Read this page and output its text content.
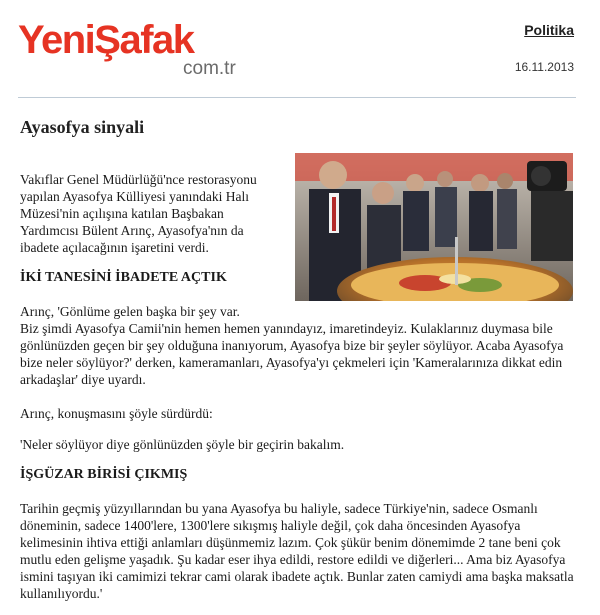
YeniŞafak
com.tr
Politika
16.11.2013
Ayasofya sinyali

Vakıflar Genel Müdürlüğü'nce restorasyonu yapılan Ayasofya Külliyesi yanındaki Halı Müzesi'nin açılışına katılan Başbakan Yardımcısı Bülent Arınç, Ayasofya'nın da ibadete açılacağının işaretini verdi.

İKİ TANESİNİ İBADETE AÇTIK

Arınç, 'Gönlüme gelen başka bir şey var.

Biz şimdi Ayasofya Camii'nin hemen hemen yanındayız, imaretindeyiz. Kulaklarınız duymasa bile gönlünüzden geçen bir şey olduğuna inanıyorum, Ayasofya bize bir şeyler söylüyor. Acaba Ayasofya bize neler söylüyor?' derken, kameramanları, Ayasofya'yı çekmeleri için 'Kameralarınıza dikkat edin arkadaşlar' diye uyardı.

Arınç, konuşmasını şöyle sürdürdü:

'Neler söylüyor diye gönlünüzden şöyle bir geçirin bakalım.

İŞGÜZAR BİRİSİ ÇIKMIŞ

Tarihin geçmiş yüzyıllarından bu yana Ayasofya bu haliyle, sadece Türkiye'nin, sadece Osmanlı döneminin, sadece 1400'lere, 1300'lere sıkışmış haliyle değil, çok daha öncesinden Ayasofya kelimesinin ihtiva ettiği anlamları düşünmemiz lazım. Çok şükür benim dönemimde 2 tane beni çok mutlu eden gelişme yaşadık. Şu kadar eser ihya edildi, restore edildi ve diğerleri... Ama biz Ayasofya ismini taşıyan iki camimizi tekrar cami olarak ibadete açtık. Bunlar zaten camiydi ama başka maksatla kullanılıyordu.'
